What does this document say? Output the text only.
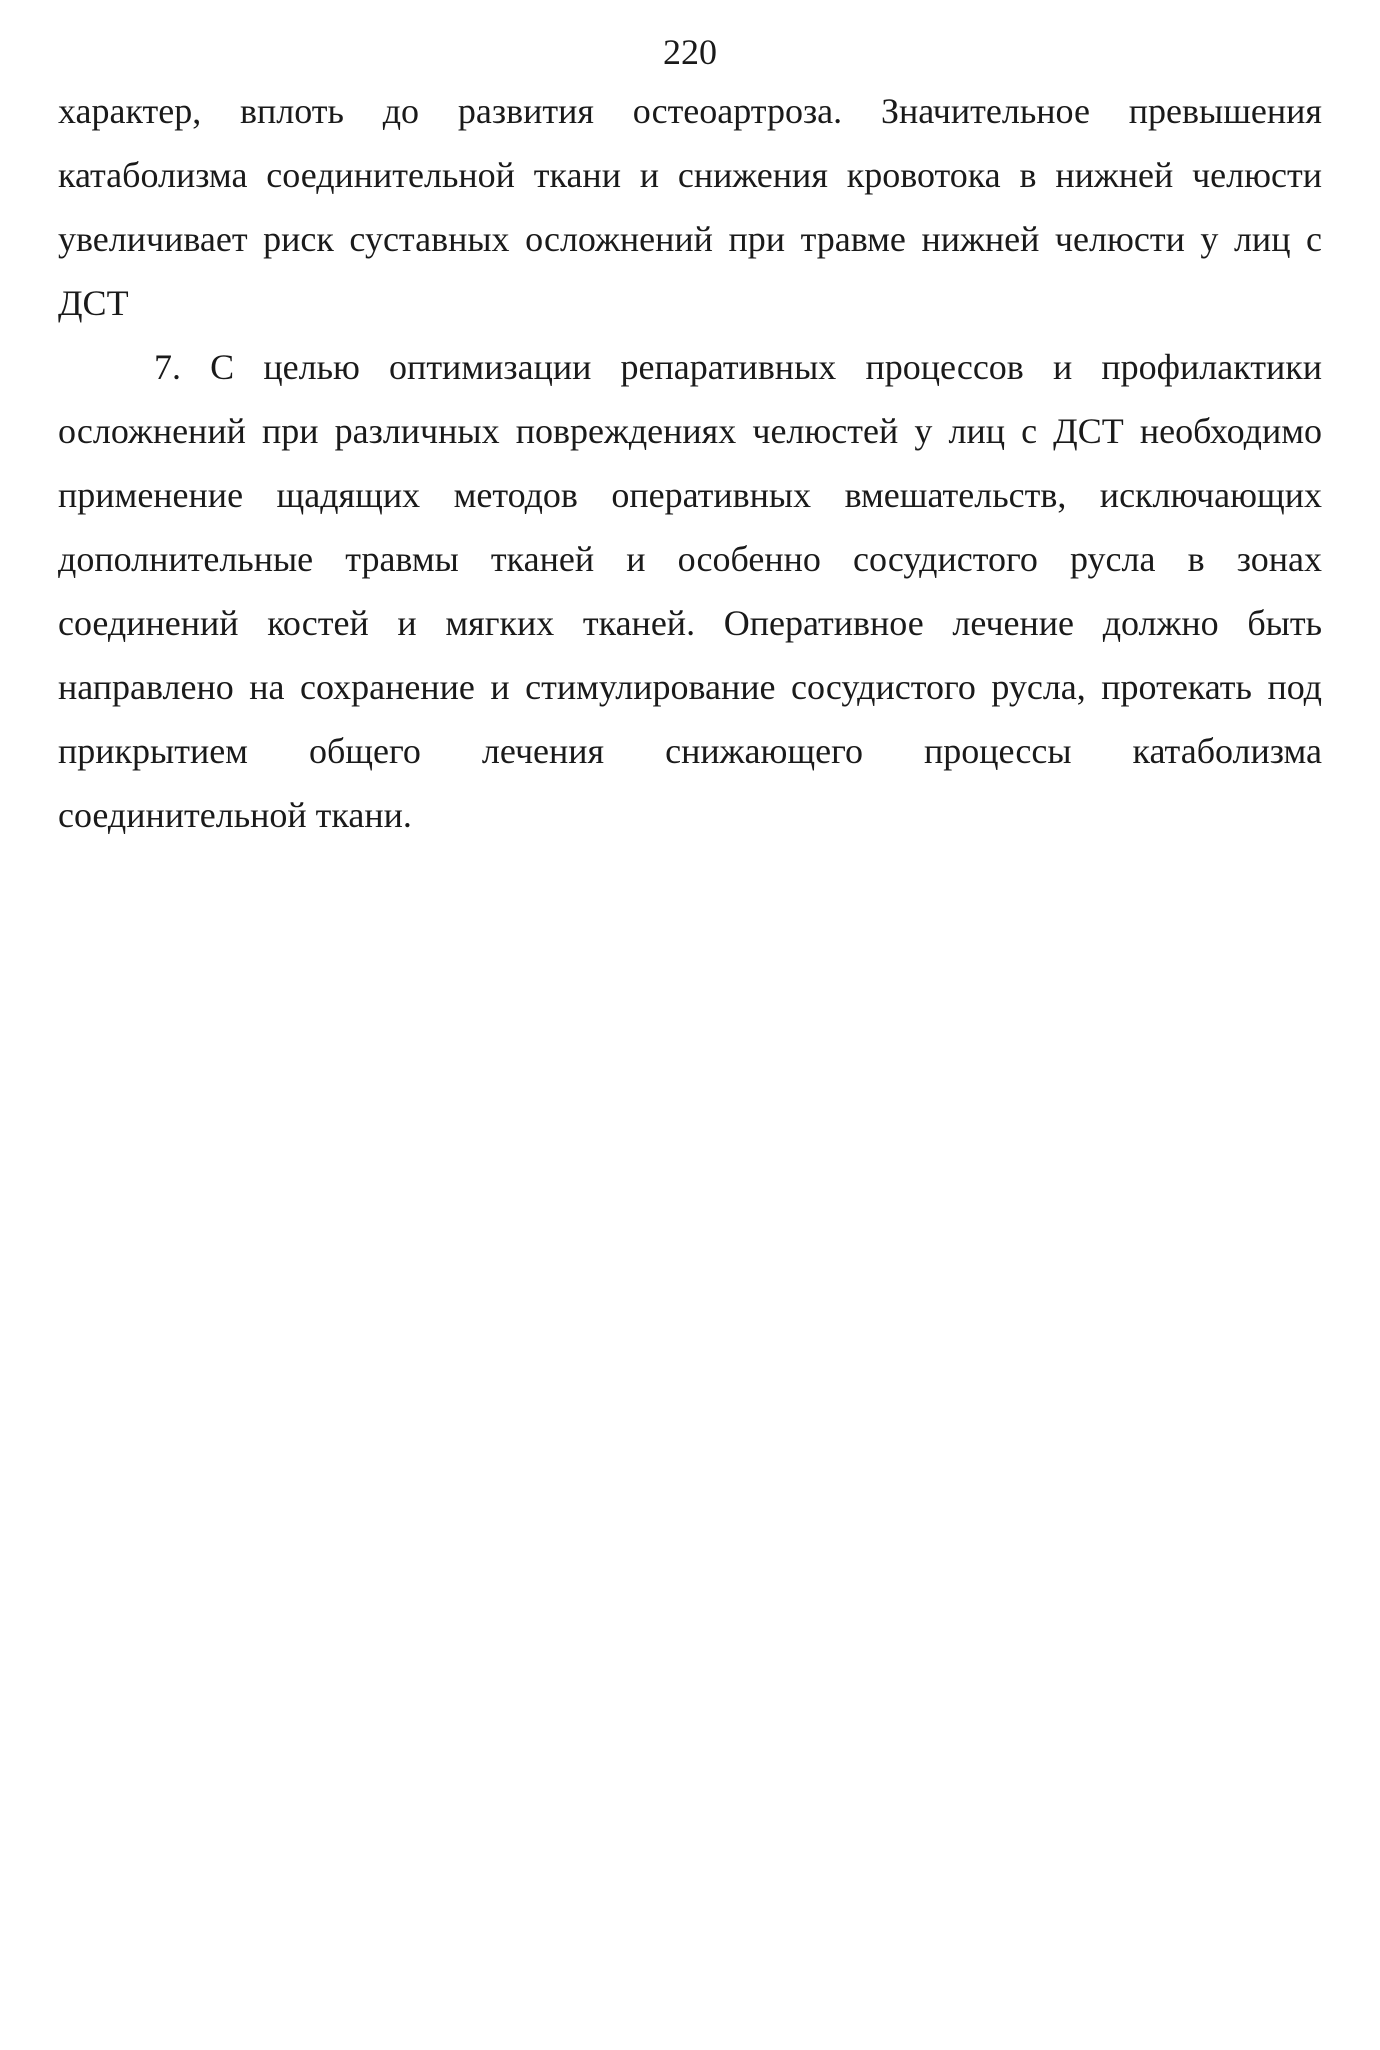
220
характер, вплоть до развития остеоартроза. Значительное превышения
катаболизма соединительной ткани и снижения кровотока в нижней челюсти
увеличивает риск суставных осложнений при травме нижней челюсти у лиц с
ДСТ
7. С целью оптимизации репаративных процессов и профилактики
осложнений при различных повреждениях челюстей у лиц с ДСТ необходимо
применение щадящих методов оперативных вмешательств, исключающих
дополнительные травмы тканей и особенно сосудистого русла в зонах
соединений костей и мягких тканей. Оперативное лечение должно быть
направлено на сохранение и стимулирование сосудистого русла, протекать под
прикрытием общего лечения снижающего процессы катаболизма
соединительной ткани.
